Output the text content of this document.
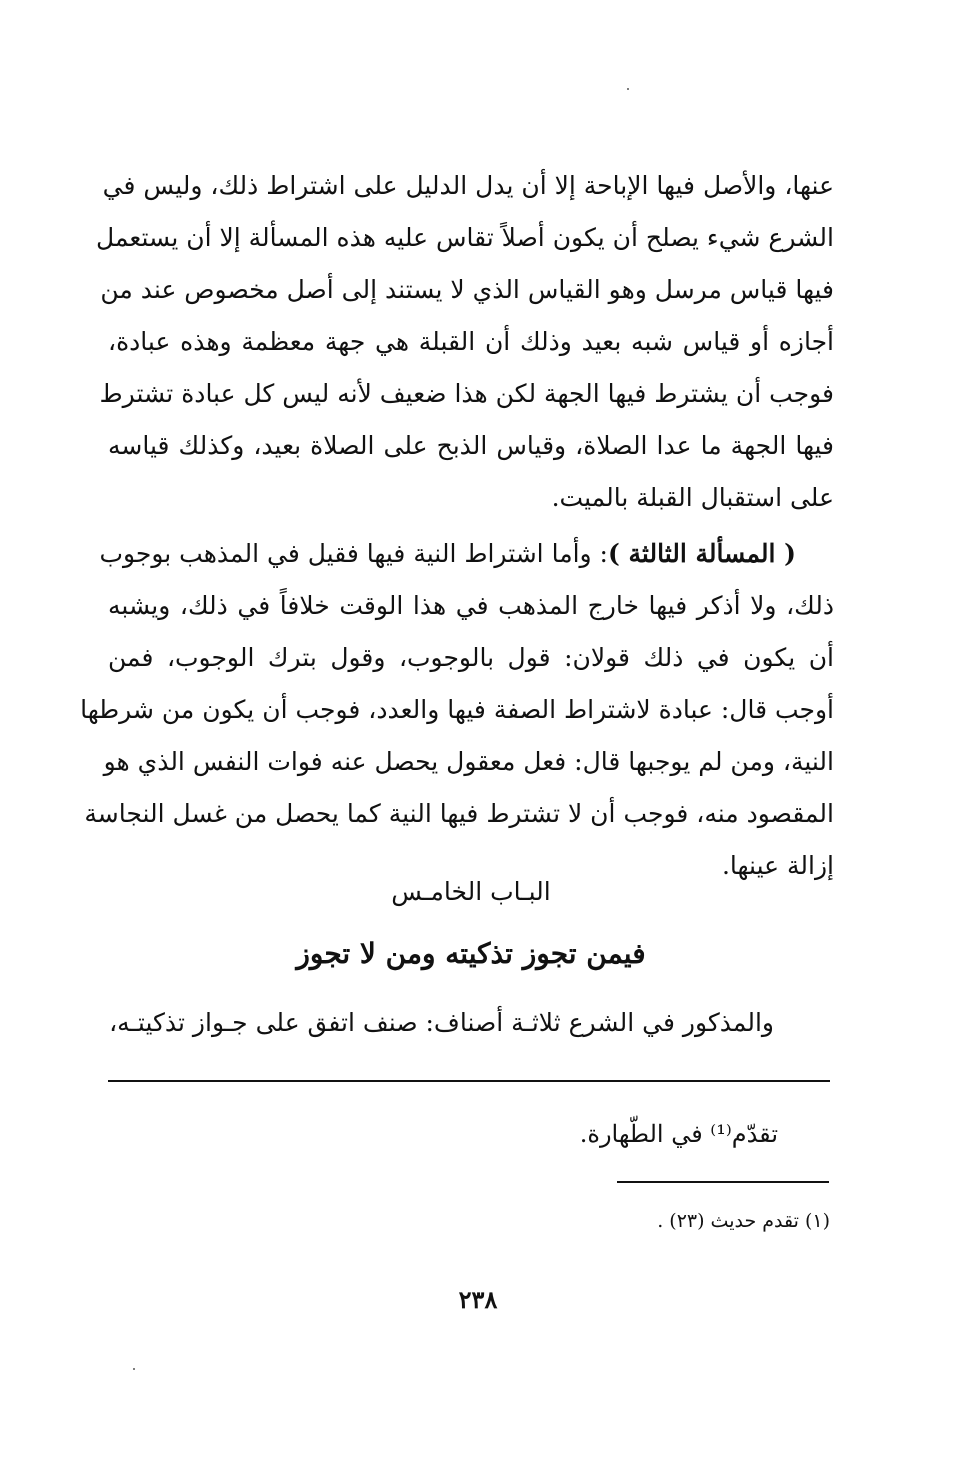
عنها، والأصل فيها الإباحة إلا أن يدل الدليل على اشتراط ذلك، وليس في
الشرع شيء يصلح أن يكون أصلاً تقاس عليه هذه المسألة إلا أن يستعمل
فيها قياس مرسل وهو القياس الذي لا يستند إلى أصل مخصوص عند من
أجازه أو قياس شبه بعيد وذلك أن القبلة هي جهة معظمة وهذه عبادة،
فوجب أن يشترط فيها الجهة لكن هذا ضعيف لأنه ليس كل عبادة تشترط
فيها الجهة ما عدا الصلاة، وقياس الذبح على الصلاة بعيد، وكذلك قياسه
على استقبال القبلة بالميت.
( المسألة الثالثة ): وأما اشتراط النية فيها فقيل في المذهب بوجوب
ذلك، ولا أذكر فيها خارج المذهب في هذا الوقت خلافاً في ذلك، ويشبه
أن يكون في ذلك قولان: قول بالوجوب، وقول بترك الوجوب، فمن
أوجب قال: عبادة لاشتراط الصفة فيها والعدد، فوجب أن يكون من شرطها
النية، ومن لم يوجبها قال: فعل معقول يحصل عنه فوات النفس الذي هو
المقصود منه، فوجب أن لا تشترط فيها النية كما يحصل من غسل النجاسة
إزالة عينها.
البـاب الخامـس
فيمن تجوز تذكيته ومن لا تجوز
والمذكور في الشرع ثلاثـة أصناف: صنف اتفق على جـواز تذكيتـه،
تقدّم⁽¹⁾ في الطّهارة.
(١) تقدم حديث (٢٣) .
٢٣٨
